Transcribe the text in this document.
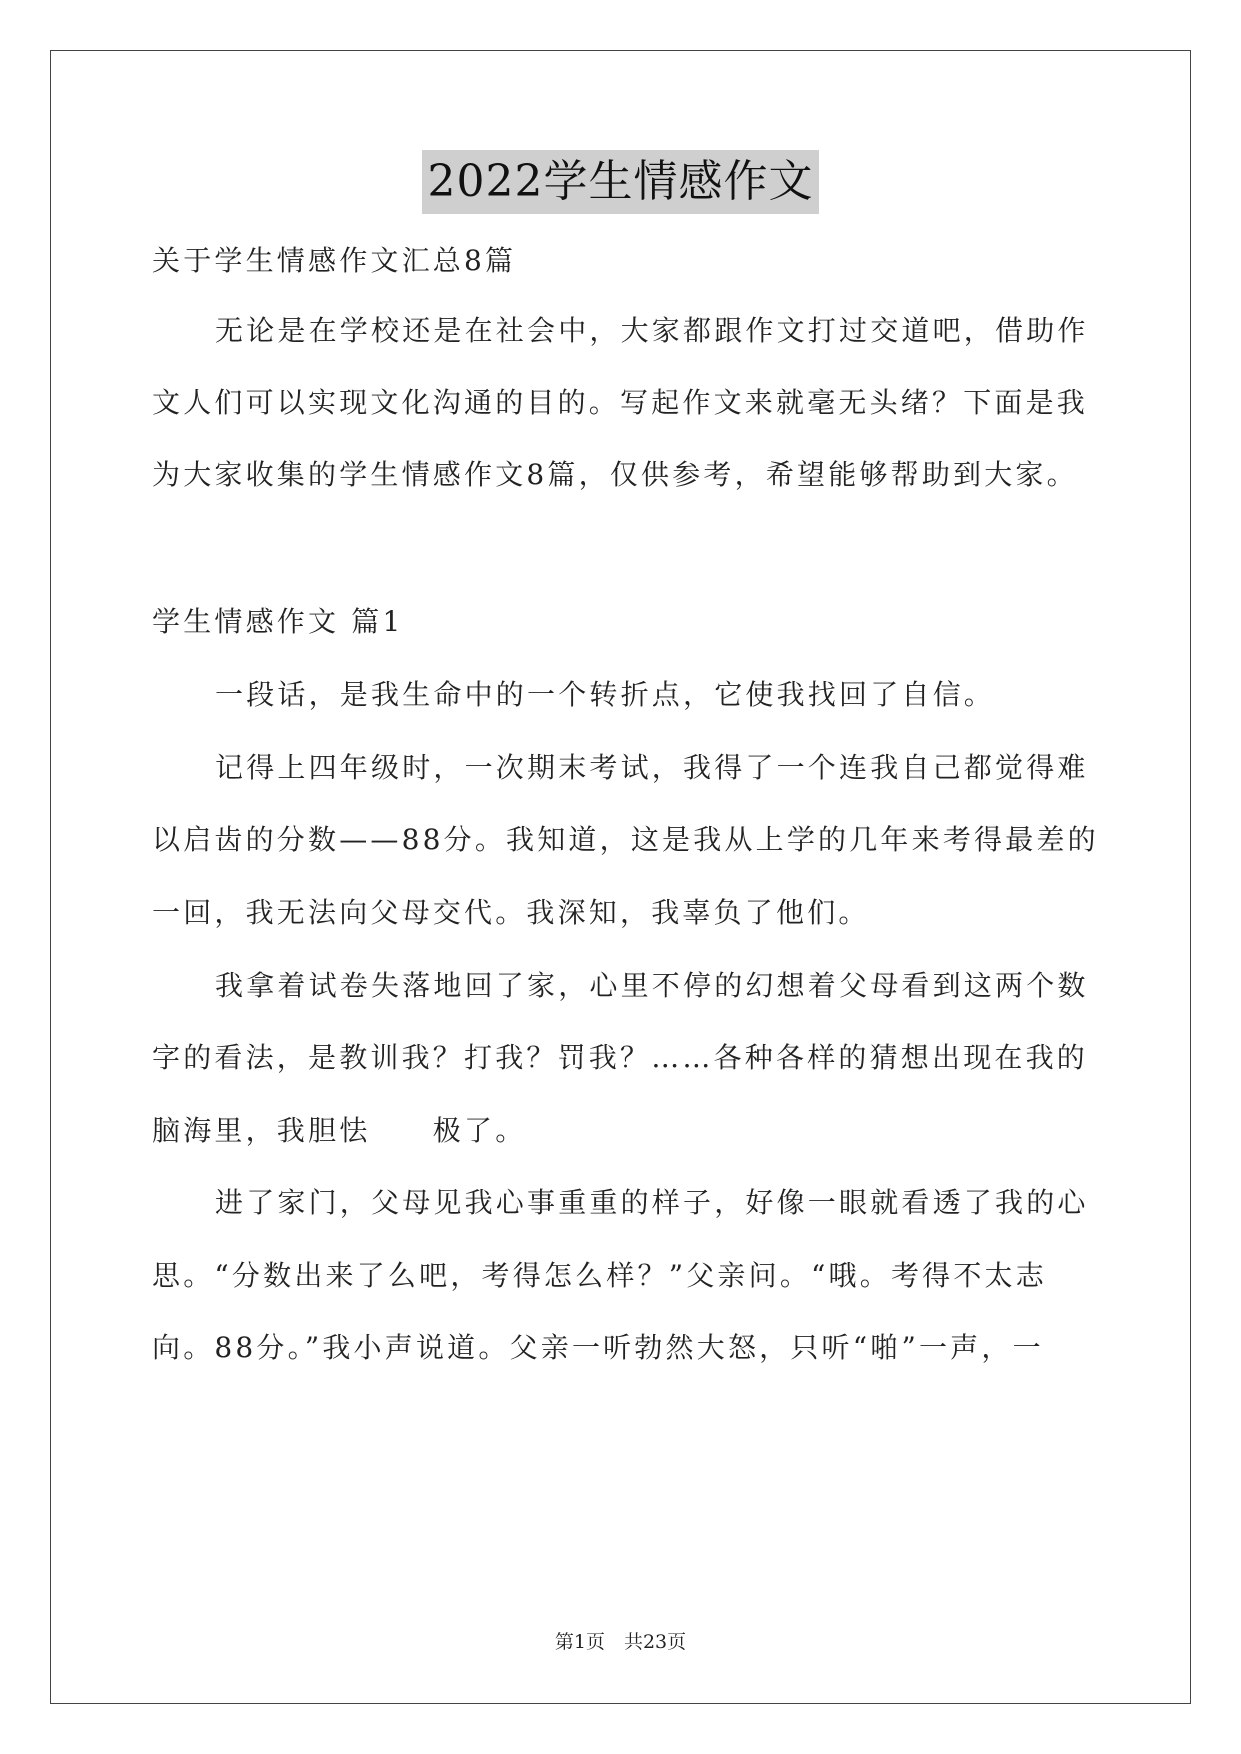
2022学生情感作文

关于学生情感作文汇总8篇

无论是在学校还是在社会中，大家都跟作文打过交道吧，借助作

文人们可以实现文化沟通的目的。写起作文来就毫无头绪？下面是我

为大家收集的学生情感作文8篇，仅供参考，希望能够帮助到大家。

学生情感作文 篇1

一段话，是我生命中的一个转折点，它使我找回了自信。

记得上四年级时，一次期末考试，我得了一个连我自己都觉得难

以启齿的分数——88分。我知道，这是我从上学的几年来考得最差的

一回，我无法向父母交代。我深知，我辜负了他们。

我拿着试卷失落地回了家，心里不停的幻想着父母看到这两个数

字的看法，是教训我？打我？罚我？……各种各样的猜想出现在我的

脑海里，我胆怯　　极了。

进了家门，父母见我心事重重的样子，好像一眼就看透了我的心

思。“分数出来了么吧，考得怎么样？”父亲问。“哦。考得不太志

向。88分。”我小声说道。父亲一听勃然大怒，只听“啪”一声，一

第1页　共23页
